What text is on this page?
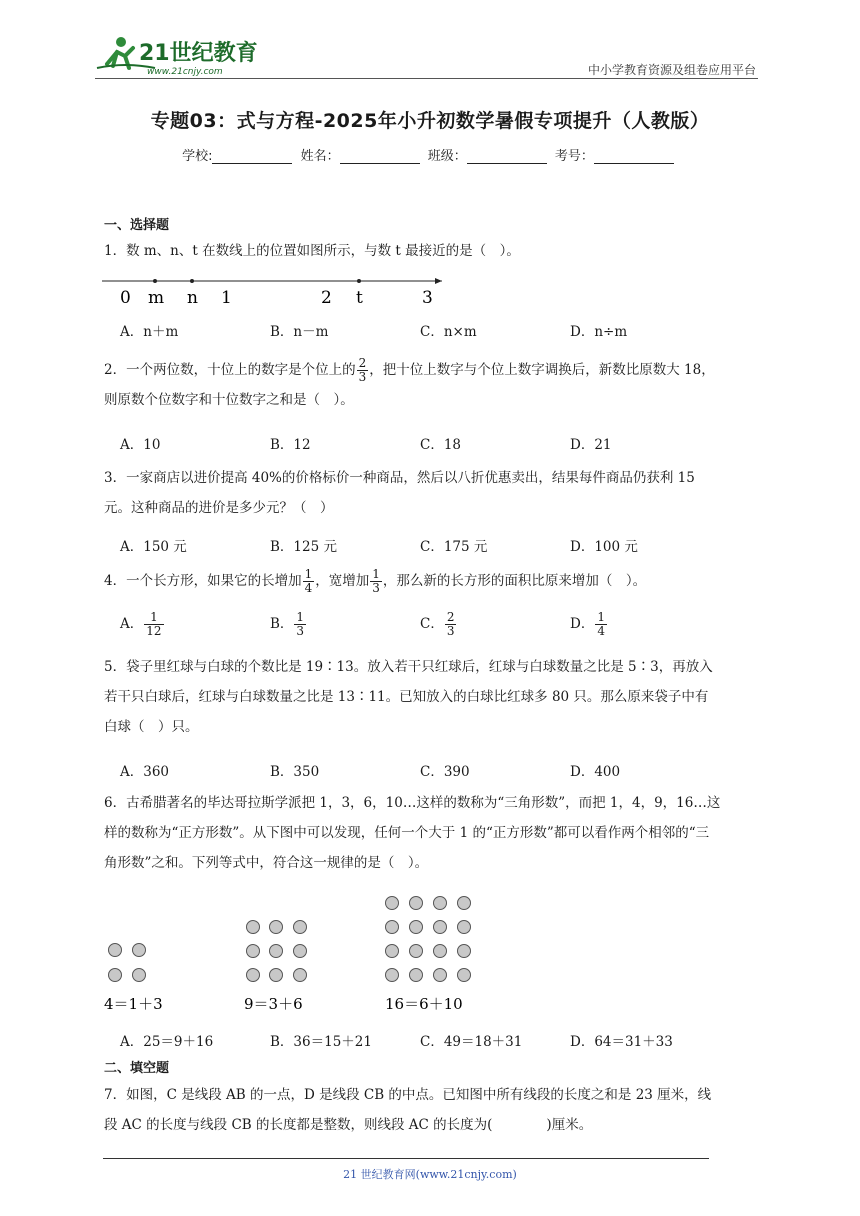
21世纪教育
www.21cnjy.com	中小学教育资源及组卷应用平台
专题03：式与方程-2025年小升初数学暑假专项提升（人教版）
学校:	姓名：	班级：	考号：
一、选择题
1．数 m、n、t 在数线上的位置如图所示，与数 t 最接近的是（　）。
0 m n 1	2 t	3
A．n＋m	B．n－m	C．n×m	D．n÷m
2．一个两位数，十位上的数字是个位上的 $\frac{2}{3}$ ，把十位上数字与个位上数字调换后，新数比原数大 18，
则原数个位数字和十位数字之和是（　）。
A．10	B．12	C．18	D．21
3．一家商店以进价提高 40%的价格标价一种商品，然后以八折优惠卖出，结果每件商品仍获利 15
元。这种商品的进价是多少元？（　）
A．150 元	B．125 元	C．175 元	D．100 元
4．一个长方形，如果它的长增加 $\frac{1}{4}$ ，宽增加 $\frac{1}{3}$ ，那么新的长方形的面积比原来增加（　）。
A． $\frac{1}{12}$	B． $\frac{1}{3}$	C． $\frac{2}{3}$	D． $\frac{1}{4}$
5．袋子里红球与白球的个数比是 19∶13。放入若干只红球后，红球与白球数量之比是 5∶3，再放入
若干只白球后，红球与白球数量之比是 13∶11。已知放入的白球比红球多 80 只。那么原来袋子中有
白球（　）只。
A．360	B．350	C．390	D．400
6．古希腊著名的毕达哥拉斯学派把 1，3，6，10…这样的数称为“三角形数”，而把 1，4，9，16…这
样的数称为“正方形数”。从下图中可以发现，任何一个大于 1 的“正方形数”都可以看作两个相邻的“三
角形数”之和。下列等式中，符合这一规律的是（　）。
4＝1＋3	9＝3＋6	16＝6＋10
A．25＝9＋16	B．36＝15＋21	C．49＝18＋31	D．64＝31＋33
二、填空题
7．如图，C 是线段 AB 的一点，D 是线段 CB 的中点。已知图中所有线段的长度之和是 23 厘米，线
段 AC 的长度与线段 CB 的长度都是整数，则线段 AC 的长度为(　　　　)厘米。
21 世纪教育网(www.21cnjy.com)
